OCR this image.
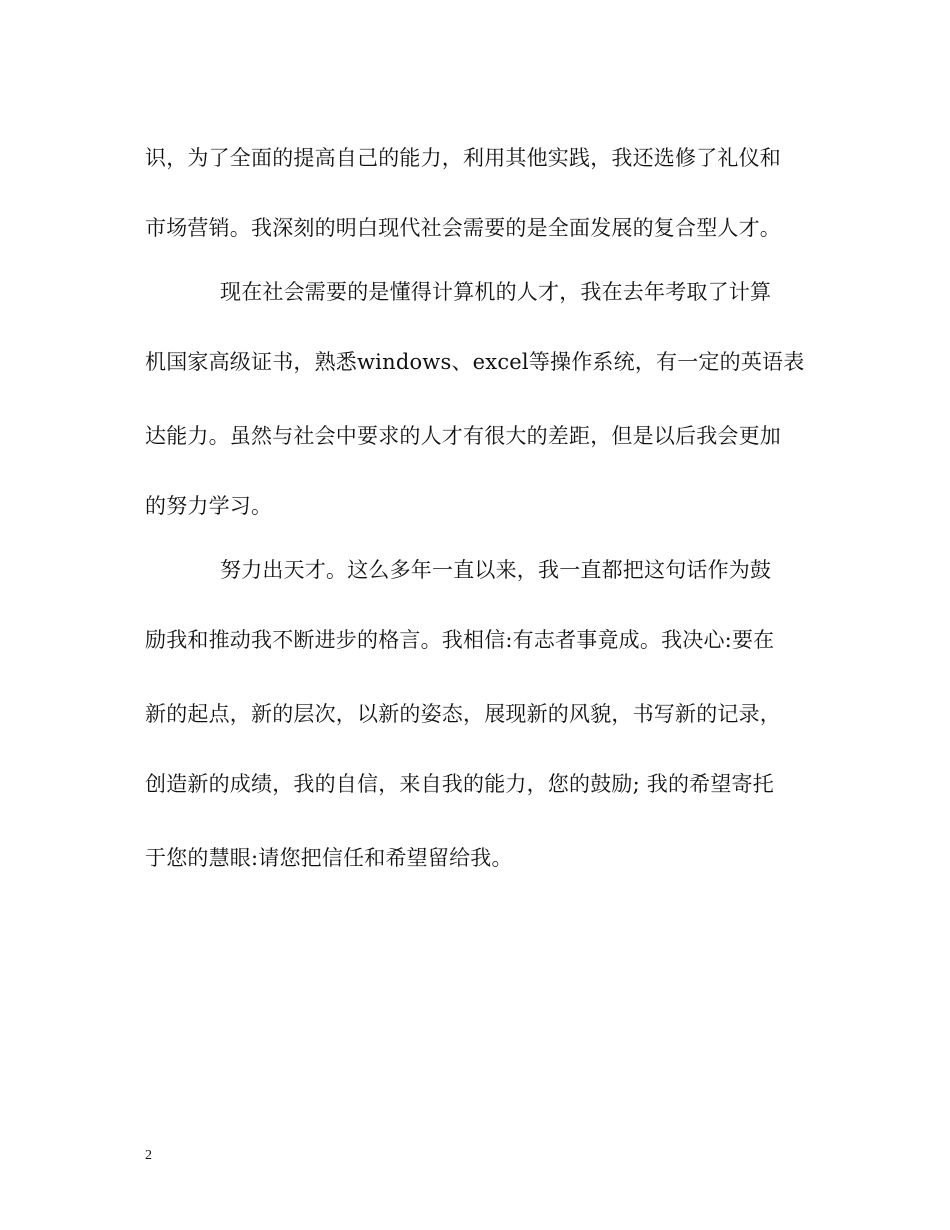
识，为了全面的提高自己的能力，利用其他实践，我还选修了礼仪和
市场营销。我深刻的明白现代社会需要的是全面发展的复合型人才。
现在社会需要的是懂得计算机的人才，我在去年考取了计算
机国家高级证书，熟悉windows、excel等操作系统，有一定的英语表
达能力。虽然与社会中要求的人才有很大的差距，但是以后我会更加
的努力学习。
努力出天才。这么多年一直以来，我一直都把这句话作为鼓
励我和推动我不断进步的格言。我相信:有志者事竟成。我决心:要在
新的起点，新的层次，以新的姿态，展现新的风貌，书写新的记录，
创造新的成绩，我的自信，来自我的能力，您的鼓励; 我的希望寄托
于您的慧眼:请您把信任和希望留给我。
2
